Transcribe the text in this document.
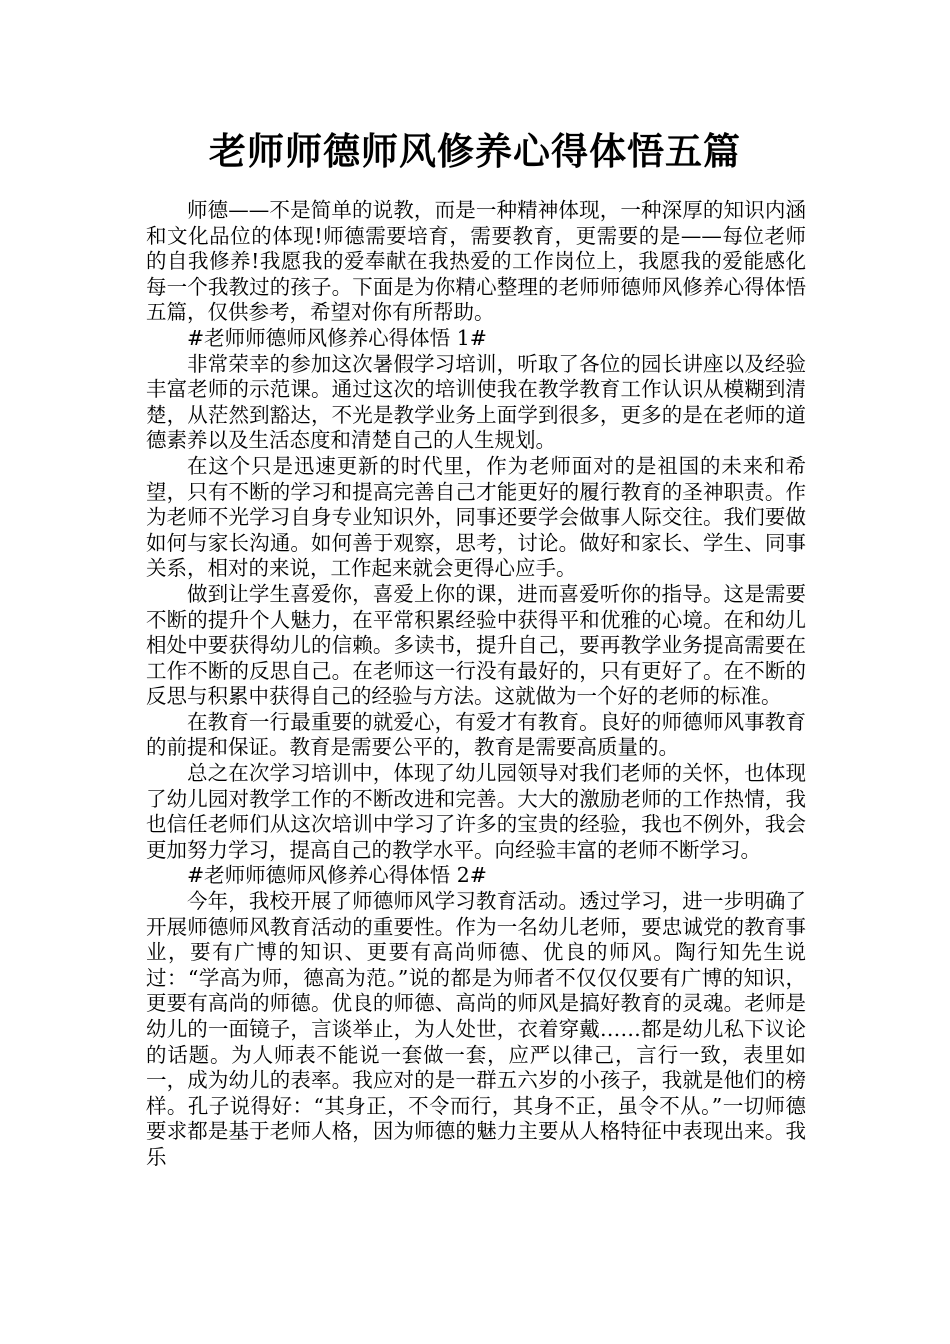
老师师德师风修养心得体悟五篇

师德——不是简单的说教，而是一种精神体现，一种深厚的知识内涵和文化品位的体现!师德需要培育，需要教育，更需要的是——每位老师的自我修养!我愿我的爱奉献在我热爱的工作岗位上，我愿我的爱能感化每一个我教过的孩子。下面是为你精心整理的老师师德师风修养心得体悟五篇，仅供参考，希望对你有所帮助。

#老师师德师风修养心得体悟 1#

非常荣幸的参加这次暑假学习培训，听取了各位的园长讲座以及经验丰富老师的示范课。通过这次的培训使我在教学教育工作认识从模糊到清楚，从茫然到豁达，不光是教学业务上面学到很多，更多的是在老师的道德素养以及生活态度和清楚自己的人生规划。

在这个只是迅速更新的时代里，作为老师面对的是祖国的未来和希望，只有不断的学习和提高完善自己才能更好的履行教育的圣神职责。作为老师不光学习自身专业知识外，同事还要学会做事人际交往。我们要做如何与家长沟通。如何善于观察，思考，讨论。做好和家长、学生、同事关系，相对的来说，工作起来就会更得心应手。

做到让学生喜爱你，喜爱上你的课，进而喜爱听你的指导。这是需要不断的提升个人魅力，在平常积累经验中获得平和优雅的心境。在和幼儿相处中要获得幼儿的信赖。多读书，提升自己，要再教学业务提高需要在工作不断的反思自己。在老师这一行没有最好的，只有更好了。在不断的反思与积累中获得自己的经验与方法。这就做为一个好的老师的标准。

在教育一行最重要的就爱心，有爱才有教育。良好的师德师风事教育的前提和保证。教育是需要公平的，教育是需要高质量的。

总之在次学习培训中，体现了幼儿园领导对我们老师的关怀，也体现了幼儿园对教学工作的不断改进和完善。大大的激励老师的工作热情，我也信任老师们从这次培训中学习了许多的宝贵的经验，我也不例外，我会更加努力学习，提高自己的教学水平。向经验丰富的老师不断学习。

#老师师德师风修养心得体悟 2#

今年，我校开展了师德师风学习教育活动。透过学习，进一步明确了开展师德师风教育活动的重要性。作为一名幼儿老师，要忠诚党的教育事业，要有广博的知识、更要有高尚师德、优良的师风。陶行知先生说过：“学高为师，德高为范。”说的都是为师者不仅仅仅要有广博的知识，更要有高尚的师德。优良的师德、高尚的师风是搞好教育的灵魂。老师是幼儿的一面镜子，言谈举止，为人处世，衣着穿戴……都是幼儿私下议论的话题。为人师表不能说一套做一套，应严以律己，言行一致，表里如一，成为幼儿的表率。我应对的是一群五六岁的小孩子，我就是他们的榜样。孔子说得好：“其身正，不令而行，其身不正，虽令不从。”一切师德要求都是基于老师人格，因为师德的魅力主要从人格特征中表现出来。我乐
